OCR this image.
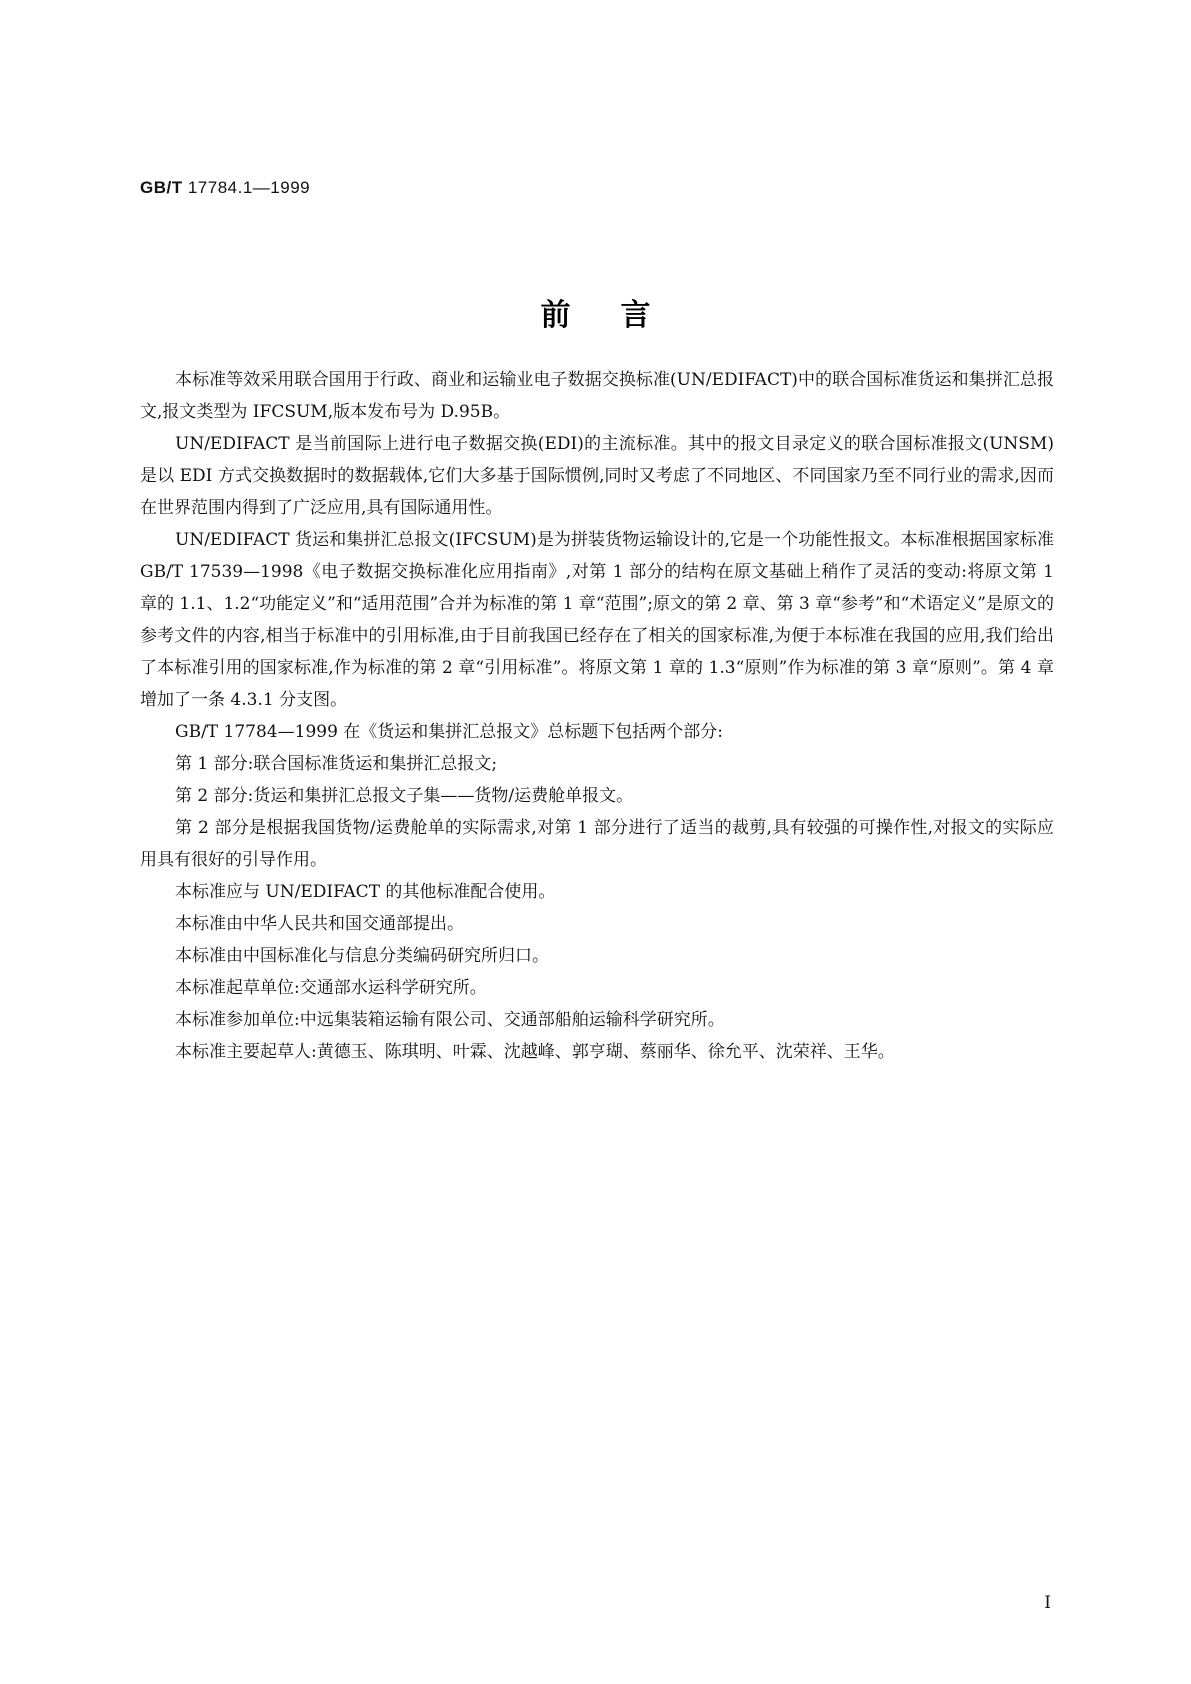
GB/T 17784.1—1999
前言

本标准等效采用联合国用于行政、商业和运输业电子数据交换标准(UN/EDIFACT)中的联合国标准货运和集拼汇总报文,报文类型为 IFCSUM,版本发布号为 D.95B。

UN/EDIFACT 是当前国际上进行电子数据交换(EDI)的主流标准。其中的报文目录定义的联合国标准报文(UNSM)是以 EDI 方式交换数据时的数据载体,它们大多基于国际惯例,同时又考虑了不同地区、不同国家乃至不同行业的需求,因而在世界范围内得到了广泛应用,具有国际通用性。

UN/EDIFACT 货运和集拼汇总报文(IFCSUM)是为拼装货物运输设计的,它是一个功能性报文。本标准根据国家标准 GB/T 17539—1998《电子数据交换标准化应用指南》,对第 1 部分的结构在原文基础上稍作了灵活的变动:将原文第 1 章的 1.1、1.2“功能定义”和“适用范围”合并为标准的第 1 章“范围”;原文的第 2 章、第 3 章“参考”和“术语定义”是原文的参考文件的内容,相当于标准中的引用标准,由于目前我国已经存在了相关的国家标准,为便于本标准在我国的应用,我们给出了本标准引用的国家标准,作为标准的第 2 章“引用标准”。将原文第 1 章的 1.3“原则”作为标准的第 3 章“原则”。第 4 章增加了一条 4.3.1 分支图。

GB/T 17784—1999 在《货运和集拼汇总报文》总标题下包括两个部分:

第 1 部分:联合国标准货运和集拼汇总报文;

第 2 部分:货运和集拼汇总报文子集——货物/运费舱单报文。

第 2 部分是根据我国货物/运费舱单的实际需求,对第 1 部分进行了适当的裁剪,具有较强的可操作性,对报文的实际应用具有很好的引导作用。

本标准应与 UN/EDIFACT 的其他标准配合使用。

本标准由中华人民共和国交通部提出。

本标准由中国标准化与信息分类编码研究所归口。

本标准起草单位:交通部水运科学研究所。

本标准参加单位:中远集装箱运输有限公司、交通部船舶运输科学研究所。

本标准主要起草人:黄德玉、陈琪明、叶霖、沈越峰、郭亨瑚、蔡丽华、徐允平、沈荣祥、王华。

I
